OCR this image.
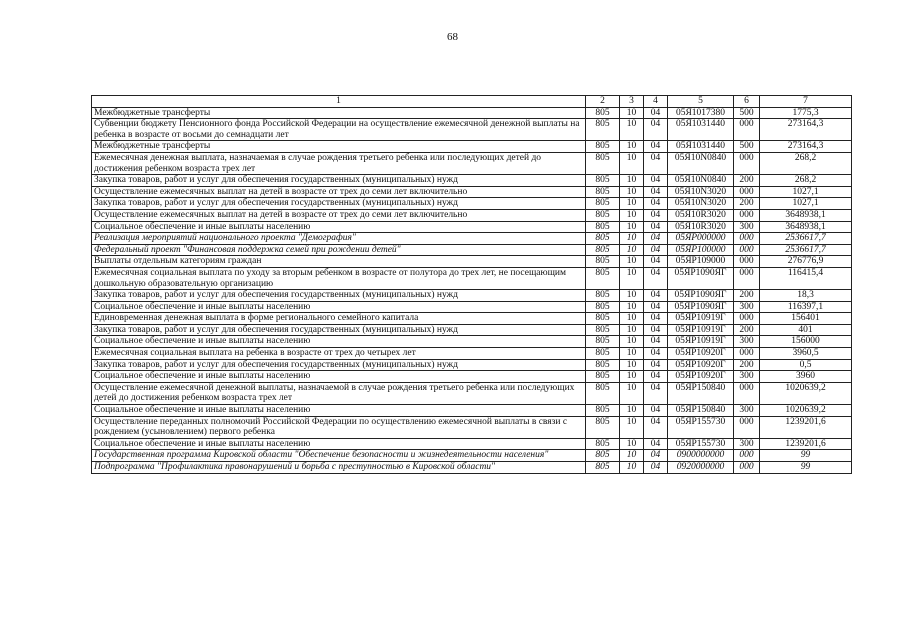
68
1	2	3	4	5	6	7
Межбюджетные трансферты	805	10	04	05Я1017380	500	1775,3
Субвенции бюджету Пенсионного фонда Российской Федерации на осуществление ежемесячной денежной выплаты на ребенка в возрасте от восьми до семнадцати лет	805	10	04	05Я1031440	000	273164,3
Межбюджетные трансферты	805	10	04	05Я1031440	500	273164,3
Ежемесячная денежная выплата, назначаемая в случае рождения третьего ребенка или последующих детей до достижения ребенком возраста трех лет	805	10	04	05Я10N0840	000	268,2
Закупка товаров, работ и услуг для обеспечения государственных (муниципальных) нужд	805	10	04	05Я10N0840	200	268,2
Осуществление ежемесячных выплат на детей в возрасте от трех до семи лет включительно	805	10	04	05Я10N3020	000	1027,1
Закупка товаров, работ и услуг для обеспечения государственных (муниципальных) нужд	805	10	04	05Я10N3020	200	1027,1
Осуществление ежемесячных выплат на детей в возрасте от трех до семи лет включительно	805	10	04	05Я10R3020	000	3648938,1
Социальное обеспечение и иные выплаты населению	805	10	04	05Я10R3020	300	3648938,1
Реализация мероприятий национального проекта "Демография"	805	10	04	05ЯР000000	000	2536617,7
Федеральный проект "Финансовая поддержка семей при рождении детей"	805	10	04	05ЯР100000	000	2536617,7
Выплаты отдельным категориям граждан	805	10	04	05ЯР109000	000	276776,9
Ежемесячная социальная выплата по уходу за вторым ребенком в возрасте от полутора до трех лет, не посещающим дошкольную образовательную организацию	805	10	04	05ЯР1090ЯГ	000	116415,4
Закупка товаров, работ и услуг для обеспечения государственных (муниципальных) нужд	805	10	04	05ЯР1090ЯГ	200	18,3
Социальное обеспечение и иные выплаты населению	805	10	04	05ЯР1090ЯГ	300	116397,1
Единовременная денежная выплата в форме регионального семейного капитала	805	10	04	05ЯР10919Г	000	156401
Закупка товаров, работ и услуг для обеспечения государственных (муниципальных) нужд	805	10	04	05ЯР10919Г	200	401
Социальное обеспечение и иные выплаты населению	805	10	04	05ЯР10919Г	300	156000
Ежемесячная социальная выплата на ребенка в возрасте от трех до четырех лет	805	10	04	05ЯР10920Г	000	3960,5
Закупка товаров, работ и услуг для обеспечения государственных (муниципальных) нужд	805	10	04	05ЯР10920Г	200	0,5
Социальное обеспечение и иные выплаты населению	805	10	04	05ЯР10920Г	300	3960
Осуществление ежемесячной денежной выплаты, назначаемой в случае рождения третьего ребенка или последующих детей до достижения ребенком возраста трех лет	805	10	04	05ЯР150840	000	1020639,2
Социальное обеспечение и иные выплаты населению	805	10	04	05ЯР150840	300	1020639,2
Осуществление переданных полномочий Российской Федерации по осуществлению ежемесячной выплаты в связи с рождением (усыновлением) первого ребенка	805	10	04	05ЯР155730	000	1239201,6
Социальное обеспечение и иные выплаты населению	805	10	04	05ЯР155730	300	1239201,6
Государственная программа Кировской области "Обеспечение безопасности и жизнедеятельности населения"	805	10	04	0900000000	000	99
Подпрограмма "Профилактика правонарушений и борьба с преступностью в Кировской области"	805	10	04	0920000000	000	99
